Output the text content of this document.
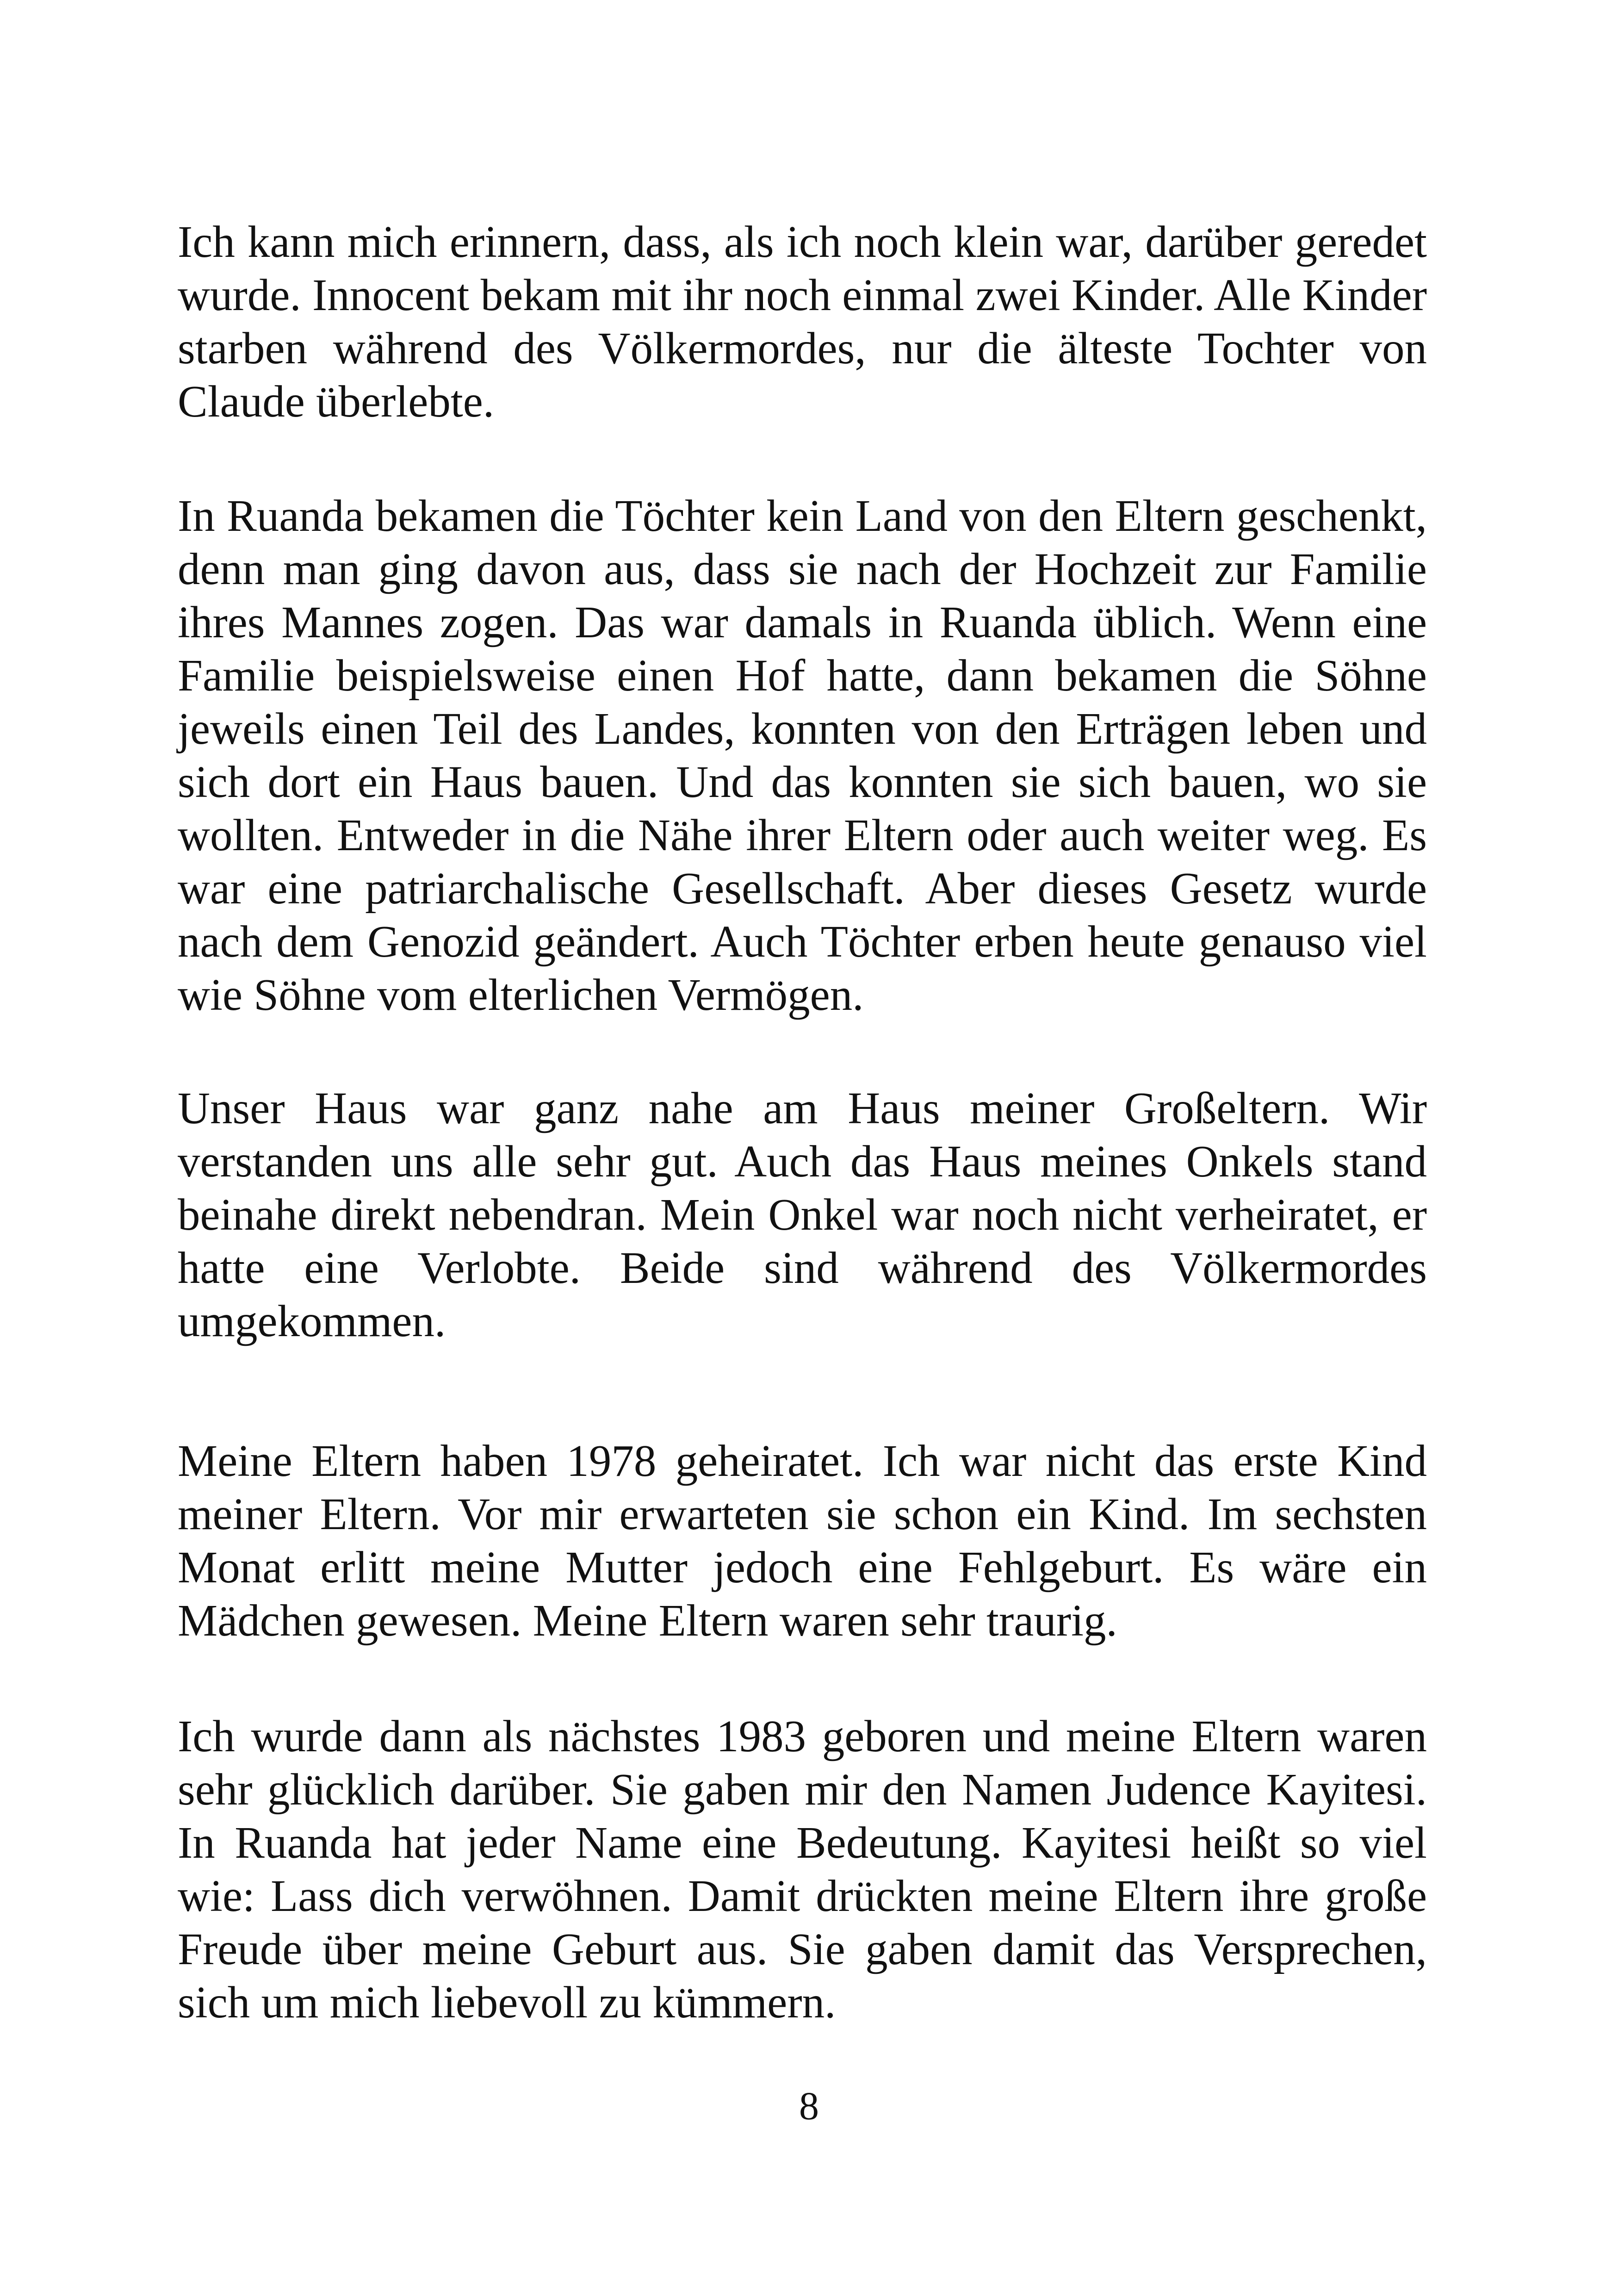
Ich kann mich erinnern, dass, als ich noch klein war, darüber geredet wurde. Innocent bekam mit ihr noch einmal zwei Kinder. Alle Kinder starben während des Völkermordes, nur die älteste Tochter von Claude überlebte.

In Ruanda bekamen die Töchter kein Land von den Eltern geschenkt, denn man ging davon aus, dass sie nach der Hochzeit zur Familie ihres Mannes zogen. Das war damals in Ruanda üblich. Wenn eine Familie beispielsweise einen Hof hatte, dann bekamen die Söhne jeweils einen Teil des Landes, konnten von den Erträgen leben und sich dort ein Haus bauen. Und das konnten sie sich bauen, wo sie wollten. Entweder in die Nähe ihrer Eltern oder auch weiter weg. Es war eine patriarchalische Gesellschaft. Aber dieses Gesetz wurde nach dem Genozid geändert. Auch Töchter erben heute genauso viel wie Söhne vom elterlichen Vermögen.

Unser Haus war ganz nahe am Haus meiner Großeltern. Wir verstanden uns alle sehr gut. Auch das Haus meines Onkels stand beinahe direkt nebendran. Mein Onkel war noch nicht verheiratet, er hatte eine Verlobte. Beide sind während des Völkermordes umgekommen.

Meine Eltern haben 1978 geheiratet. Ich war nicht das erste Kind meiner Eltern. Vor mir erwarteten sie schon ein Kind. Im sechsten Monat erlitt meine Mutter jedoch eine Fehlgeburt. Es wäre ein Mädchen gewesen. Meine Eltern waren sehr traurig.

Ich wurde dann als nächstes 1983 geboren und meine Eltern waren sehr glücklich darüber. Sie gaben mir den Namen Judence Kayitesi. In Ruanda hat jeder Name eine Bedeutung. Kayitesi heißt so viel wie: Lass dich verwöhnen. Damit drückten meine Eltern ihre große Freude über meine Geburt aus. Sie gaben damit das Versprechen, sich um mich liebevoll zu kümmern.

8
